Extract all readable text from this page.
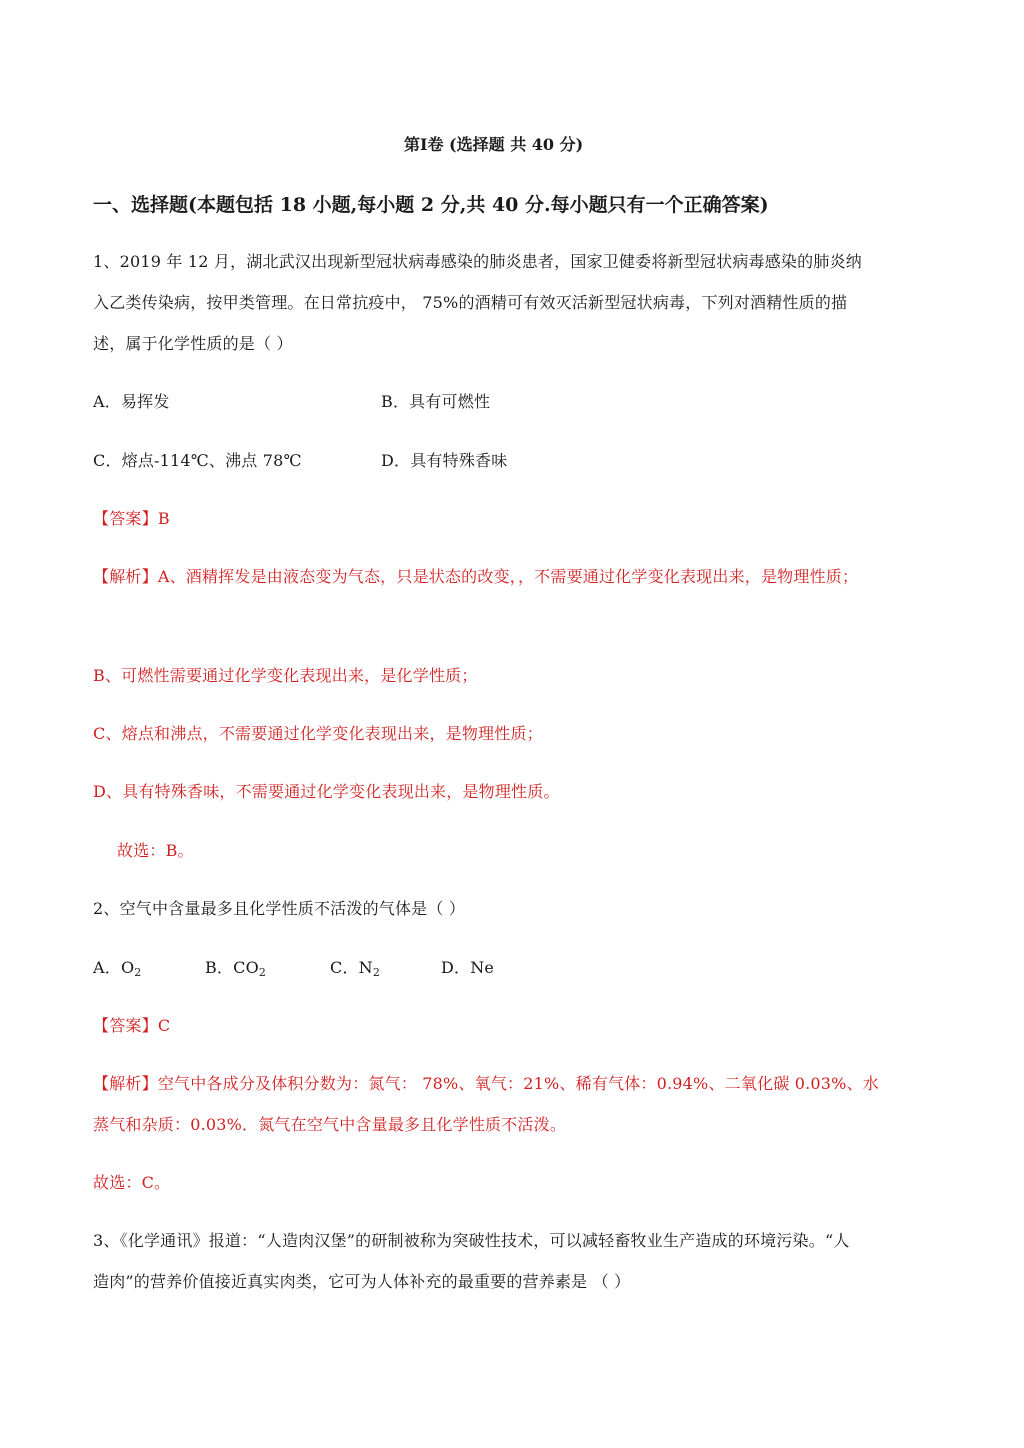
第Ⅰ卷 (选择题 共 40 分)
一、选择题(本题包括 18 小题,每小题 2 分,共 40 分.每小题只有一个正确答案)
1、2019 年 12 月，湖北武汉出现新型冠状病毒感染的肺炎患者，国家卫健委将新型冠状病毒感染的肺炎纳
入乙类传染病，按甲类管理。在日常抗疫中， 75%的酒精可有效灭活新型冠状病毒，下列对酒精性质的描
述，属于化学性质的是（ ）
A．易挥发	B．具有可燃性
C．熔点-114℃、沸点 78℃	D．具有特殊香味
【答案】B
【解析】A、酒精挥发是由液态变为气态，只是状态的改变，，不需要通过化学变化表现出来，是物理性质；
B、可燃性需要通过化学变化表现出来，是化学性质；
C、熔点和沸点，不需要通过化学变化表现出来，是物理性质；
D、具有特殊香味，不需要通过化学变化表现出来，是物理性质。
故选：B。
2、空气中含量最多且化学性质不活泼的气体是（ ）
A．$O_2$	B．$CO_2$	C．$N_2$	D．Ne
【答案】C
【解析】空气中各成分及体积分数为：氮气： 78%、氧气：21%、稀有气体：0.94%、二氧化碳 0.03%、水
蒸气和杂质：0.03%．氮气在空气中含量最多且化学性质不活泼。
故选：C。
3、《化学通讯》报道：“人造肉汉堡”的研制被称为突破性技术，可以减轻畜牧业生产造成的环境污染。“人
造肉”的营养价值接近真实肉类，它可为人体补充的最重要的营养素是 （ ）
